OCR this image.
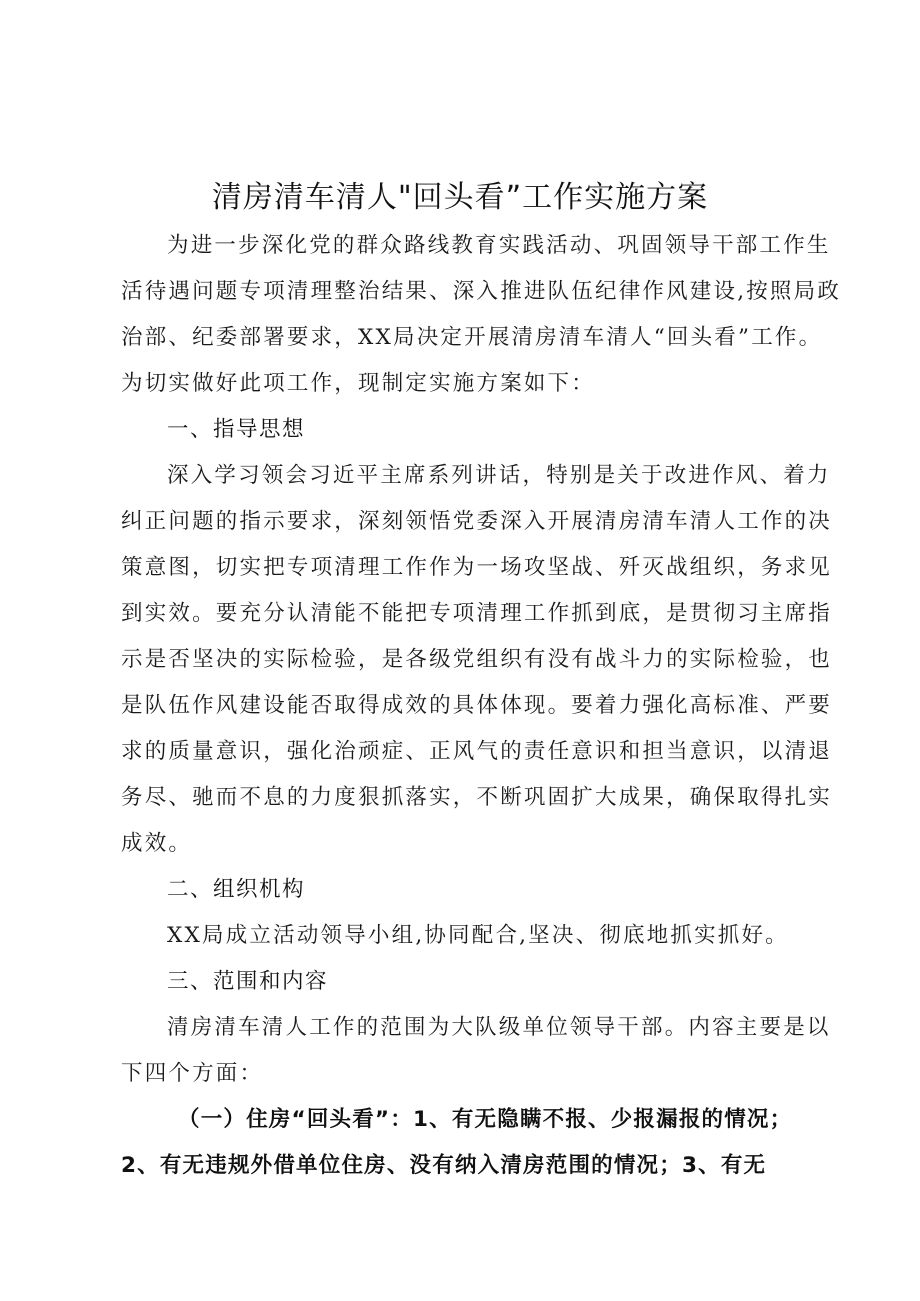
清房清车清人"回头看”工作实施方案
为进一步深化党的群众路线教育实践活动、巩固领导干部工作生
活待遇问题专项清理整治结果、深入推进队伍纪律作风建设,按照局政
治部、纪委部署要求，XX局决定开展清房清车清人“回头看”工作。
为切实做好此项工作，现制定实施方案如下：
一、指导思想
深入学习领会习近平主席系列讲话，特别是关于改进作风、着力
纠正问题的指示要求，深刻领悟党委深入开展清房清车清人工作的决
策意图，切实把专项清理工作作为一场攻坚战、歼灭战组织，务求见
到实效。要充分认清能不能把专项清理工作抓到底，是贯彻习主席指
示是否坚决的实际检验，是各级党组织有没有战斗力的实际检验，也
是队伍作风建设能否取得成效的具体体现。要着力强化高标准、严要
求的质量意识，强化治顽症、正风气的责任意识和担当意识，以清退
务尽、驰而不息的力度狠抓落实，不断巩固扩大成果，确保取得扎实
成效。
二、组织机构
XX局成立活动领导小组,协同配合,坚决、彻底地抓实抓好。
三、范围和内容
清房清车清人工作的范围为大队级单位领导干部。内容主要是以
下四个方面：
（一）住房“回头看”：1、有无隐瞒不报、少报漏报的情况；
2、有无违规外借单位住房、没有纳入清房范围的情况；3、有无
